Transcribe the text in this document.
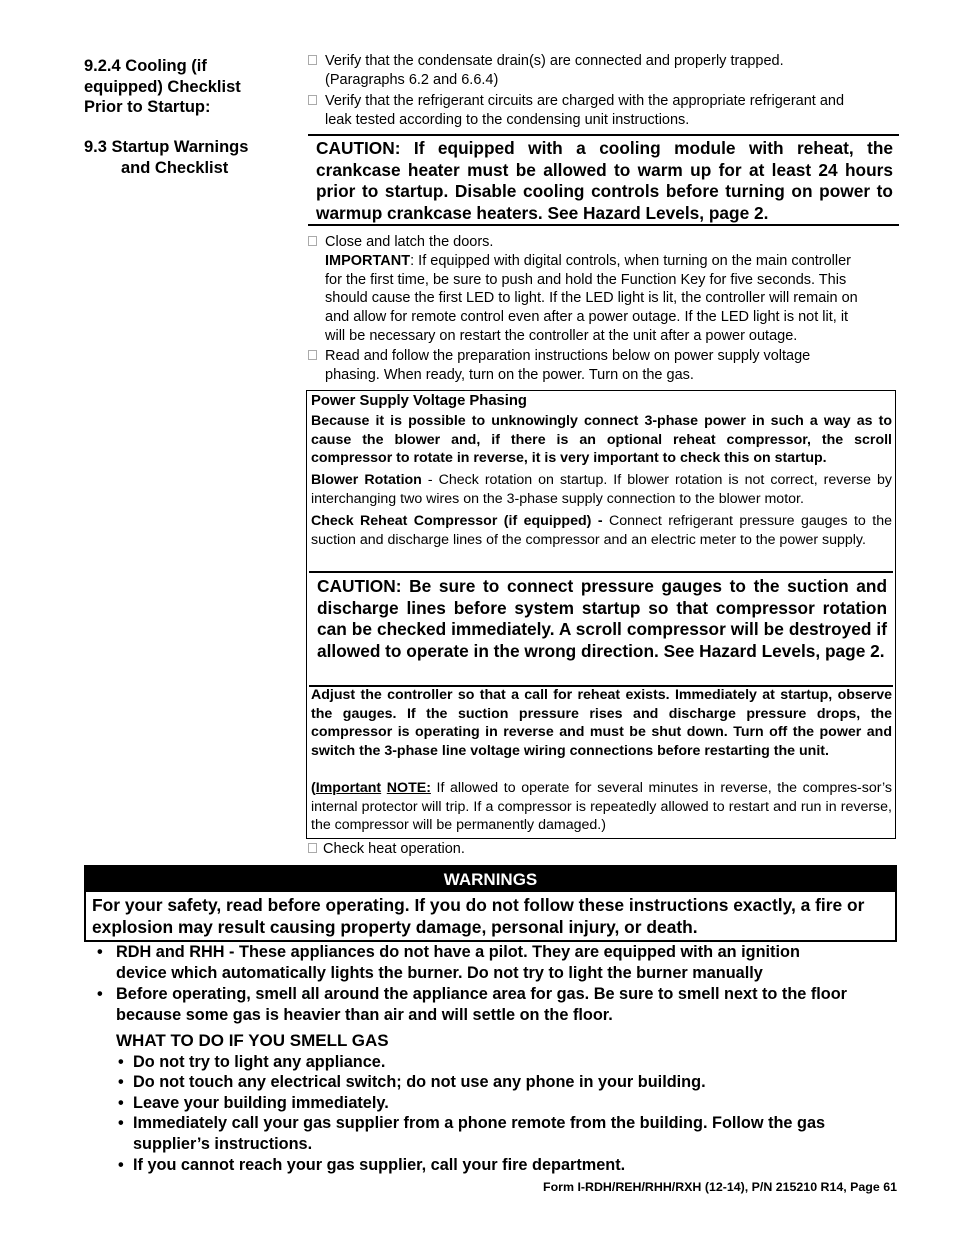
9.2.4 Cooling (if
equipped) Checklist
Prior to Startup:
9.3 Startup Warnings
and Checklist
Verify that the condensate drain(s) are connected and properly trapped.
(Paragraphs 6.2 and 6.6.4)
Verify that the refrigerant circuits are charged with the appropriate refrigerant and
leak tested according to the condensing unit instructions.
CAUTION: If equipped with a cooling module with reheat, the crankcase heater must be allowed to warm up for at least 24 hours prior to startup. Disable cooling controls before turning on power to warmup crankcase heaters. See Hazard Levels, page 2.
Close and latch the doors.
IMPORTANT: If equipped with digital controls, when turning on the main controller
for the first time, be sure to push and hold the Function Key for five seconds. This
should cause the first LED to light. If the LED light is lit, the controller will remain on
and allow for remote control even after a power outage. If the LED light is not lit, it
will be necessary on restart the controller at the unit after a power outage.
Read and follow the preparation instructions below on power supply voltage
phasing. When ready, turn on the power. Turn on the gas.
Power Supply Voltage Phasing
Because it is possible to unknowingly connect 3-phase power in such a way as to cause the blower and, if there is an optional reheat compressor, the scroll compressor to rotate in reverse, it is very important to check this on startup.
Blower Rotation - Check rotation on startup. If blower rotation is not correct, reverse by interchanging two wires on the 3-phase supply connection to the blower motor.
Check Reheat Compressor (if equipped) - Connect refrigerant pressure gauges to the suction and discharge lines of the compressor and an electric meter to the power supply.
CAUTION: Be sure to connect pressure gauges to the suction and discharge lines before system startup so that compressor rotation can be checked immediately. A scroll compressor will be destroyed if allowed to operate in the wrong direction. See Hazard Levels, page 2.
Adjust the controller so that a call for reheat exists. Immediately at startup, observe the gauges. If the suction pressure rises and discharge pressure drops, the compressor is operating in reverse and must be shut down. Turn off the power and switch the 3-phase line voltage wiring connections before restarting the unit.
(Important NOTE: If allowed to operate for several minutes in reverse, the compres-sor’s internal protector will trip. If a compressor is repeatedly allowed to restart and run in reverse, the compressor will be permanently damaged.)
Check heat operation.
WARNINGS
For your safety, read before operating. If you do not follow these instructions exactly, a fire or explosion may result causing property damage, personal injury, or death.
• RDH and RHH - These appliances do not have a pilot. They are equipped with an ignition
device which automatically lights the burner. Do not try to light the burner manually
• Before operating, smell all around the appliance area for gas. Be sure to smell next to the floor
because some gas is heavier than air and will settle on the floor.
WHAT TO DO IF YOU SMELL GAS
• Do not try to light any appliance.
• Do not touch any electrical switch; do not use any phone in your building.
• Leave your building immediately.
• Immediately call your gas supplier from a phone remote from the building. Follow the gas
supplier’s instructions.
• If you cannot reach your gas supplier, call your fire department.
Form I-RDH/REH/RHH/RXH (12-14), P/N 215210 R14, Page 61
